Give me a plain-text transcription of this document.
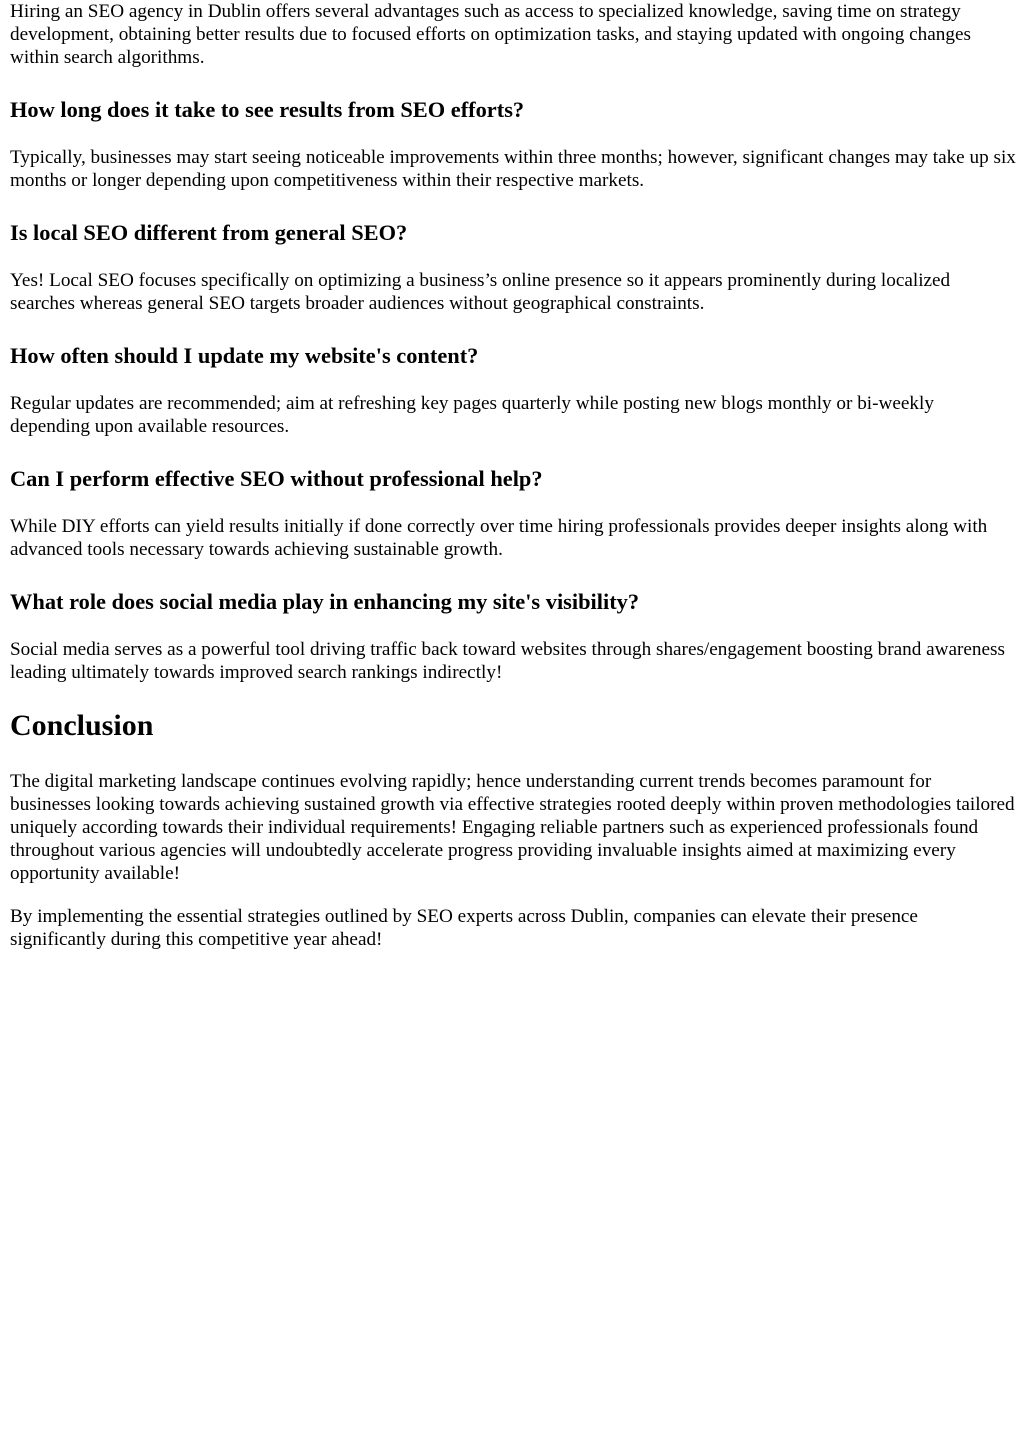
Hiring an SEO agency in Dublin offers several advantages such as access to specialized knowledge, saving time on strategy development, obtaining better results due to focused efforts on optimization tasks, and staying updated with ongoing changes within search algorithms.

How long does it take to see results from SEO efforts?

Typically, businesses may start seeing noticeable improvements within three months; however, significant changes may take up six months or longer depending upon competitiveness within their respective markets.

Is local SEO different from general SEO?

Yes! Local SEO focuses specifically on optimizing a business’s online presence so it appears prominently during localized searches whereas general SEO targets broader audiences without geographical constraints.

How often should I update my website's content?

Regular updates are recommended; aim at refreshing key pages quarterly while posting new blogs monthly or bi-weekly depending upon available resources.

Can I perform effective SEO without professional help?

While DIY efforts can yield results initially if done correctly over time hiring professionals provides deeper insights along with advanced tools necessary towards achieving sustainable growth.

What role does social media play in enhancing my site's visibility?

Social media serves as a powerful tool driving traffic back toward websites through shares/engagement boosting brand awareness leading ultimately towards improved search rankings indirectly!

Conclusion

The digital marketing landscape continues evolving rapidly; hence understanding current trends becomes paramount for businesses looking towards achieving sustained growth via effective strategies rooted deeply within proven methodologies tailored uniquely according towards their individual requirements! Engaging reliable partners such as experienced professionals found throughout various agencies will undoubtedly accelerate progress providing invaluable insights aimed at maximizing every opportunity available!

By implementing the essential strategies outlined by SEO experts across Dublin, companies can elevate their presence significantly during this competitive year ahead!
